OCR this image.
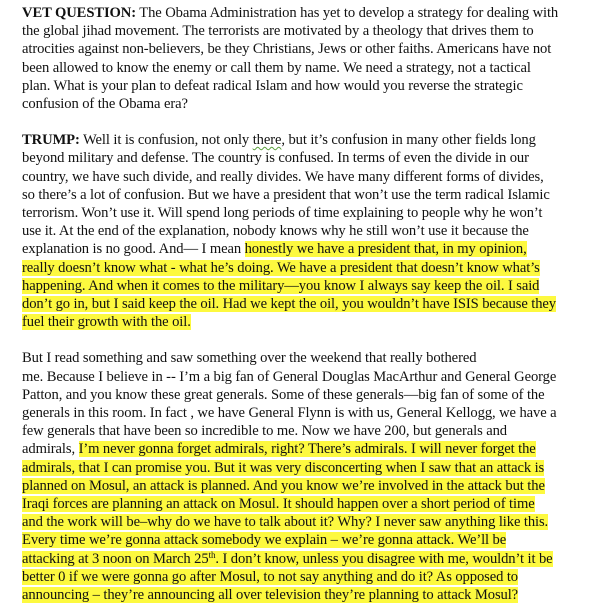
VET QUESTION: The Obama Administration has yet to develop a strategy for dealing with
the global jihad movement. The terrorists are motivated by a theology that drives them to
atrocities against non-believers, be they Christians, Jews or other faiths. Americans have not
been allowed to know the enemy or call them by name. We need a strategy, not a tactical
plan. What is your plan to defeat radical Islam and how would you reverse the strategic
confusion of the Obama era?
TRUMP: Well it is confusion, not only there, but it’s confusion in many other fields long
beyond military and defense. The country is confused. In terms of even the divide in our
country, we have such divide, and really divides. We have many different forms of divides,
so there’s a lot of confusion. But we have a president that won’t use the term radical Islamic
terrorism. Won’t use it. Will spend long periods of time explaining to people why he won’t
use it. At the end of the explanation, nobody knows why he still won’t use it because the
explanation is no good. And— I mean honestly we have a president that, in my opinion,
really doesn’t know what - what he’s doing. We have a president that doesn’t know what’s
happening. And when it comes to the military—you know I always say keep the oil. I said
don’t go in, but I said keep the oil. Had we kept the oil, you wouldn’t have ISIS because they
fuel their growth with the oil.
But I read something and saw something over the weekend that really bothered
me. Because I believe in -- I’m a big fan of General Douglas MacArthur and General George
Patton, and you know these great generals. Some of these generals—big fan of some of the
generals in this room. In fact , we have General Flynn is with us, General Kellogg, we have a
few generals that have been so incredible to me. Now we have 200, but generals and
admirals, I’m never gonna forget admirals, right? There’s admirals. I will never forget the
admirals, that I can promise you. But it was very disconcerting when I saw that an attack is
planned on Mosul, an attack is planned. And you know we’re involved in the attack but the
Iraqi forces are planning an attack on Mosul. It should happen over a short period of time
and the work will be–why do we have to talk about it? Why? I never saw anything like this.
Every time we’re gonna attack somebody we explain – we’re gonna attack. We’ll be
attacking at 3 noon on March 25th. I don’t know, unless you disagree with me, wouldn’t it be
better 0 if we were gonna go after Mosul, to not say anything and do it? As opposed to
announcing – they’re announcing all over television they’re planning to attack Mosul?
